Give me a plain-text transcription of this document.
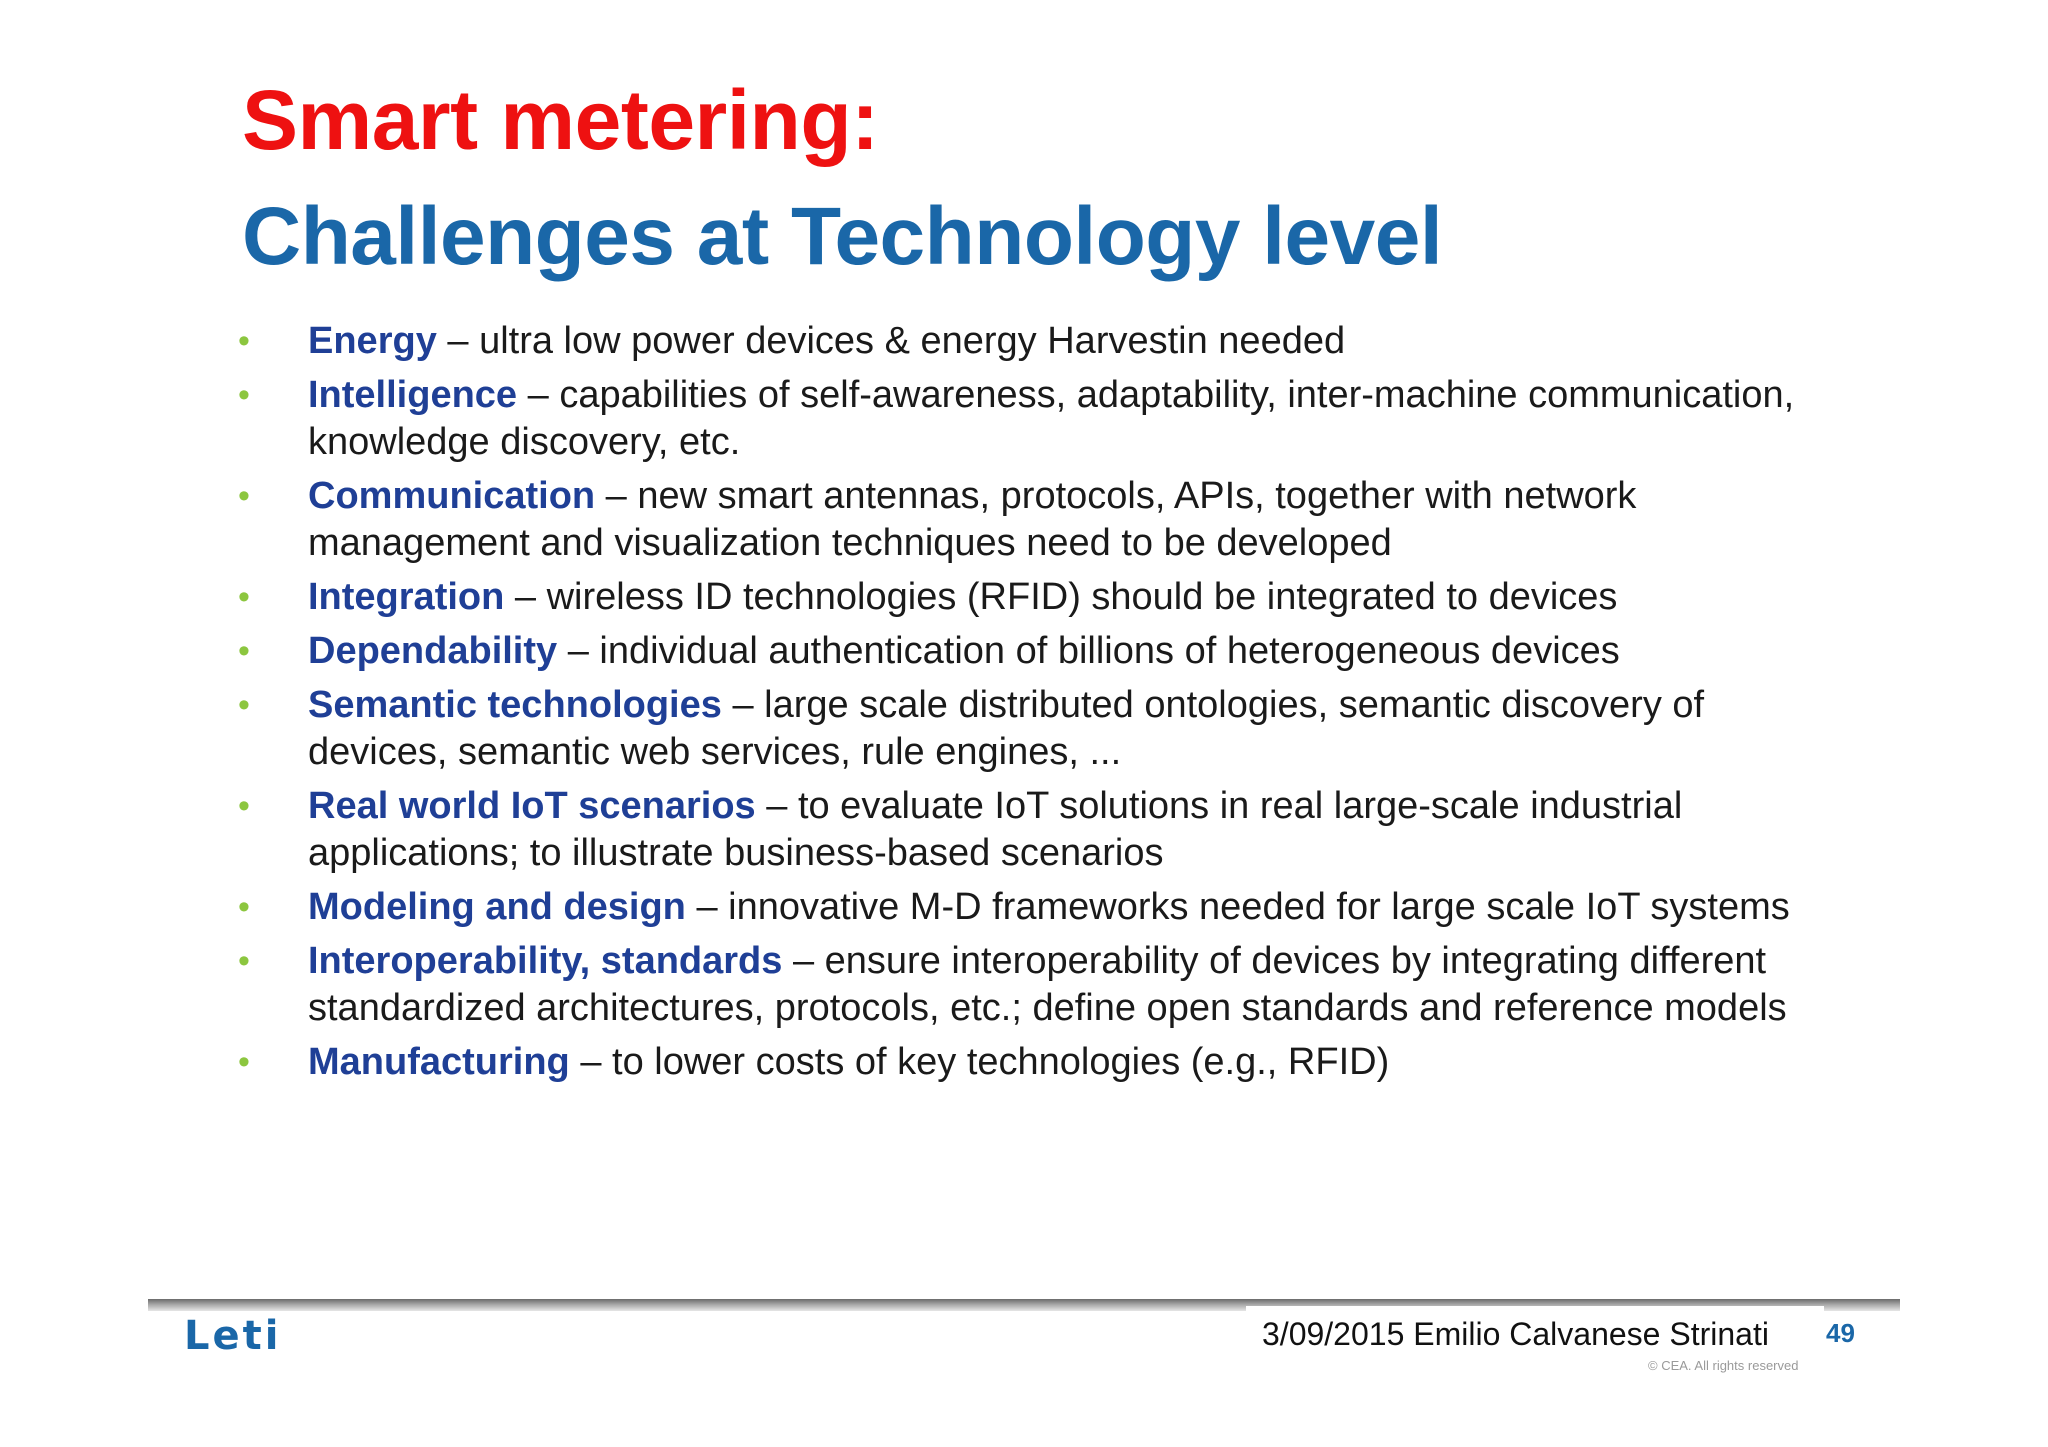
Smart metering:
Challenges at Technology level
• Energy – ultra low power devices & energy Harvestin needed
• Intelligence – capabilities of self-awareness, adaptability, inter-machine communication, knowledge discovery, etc.
• Communication – new smart antennas, protocols, APIs, together with network management and visualization techniques need to be developed
• Integration – wireless ID technologies (RFID) should be integrated to devices
• Dependability – individual authentication of billions of heterogeneous devices
• Semantic technologies – large scale distributed ontologies, semantic discovery of devices, semantic web services, rule engines, ...
• Real world IoT scenarios – to evaluate IoT solutions in real large-scale industrial applications; to illustrate business-based scenarios
• Modeling and design – innovative M-D frameworks needed for large scale IoT systems
• Interoperability, standards – ensure interoperability of devices by integrating different standardized architectures, protocols, etc.; define open standards and reference models
• Manufacturing – to lower costs of key technologies (e.g., RFID)
Leti	3/09/2015 Emilio Calvanese Strinati 49
© CEA. All rights reserved
